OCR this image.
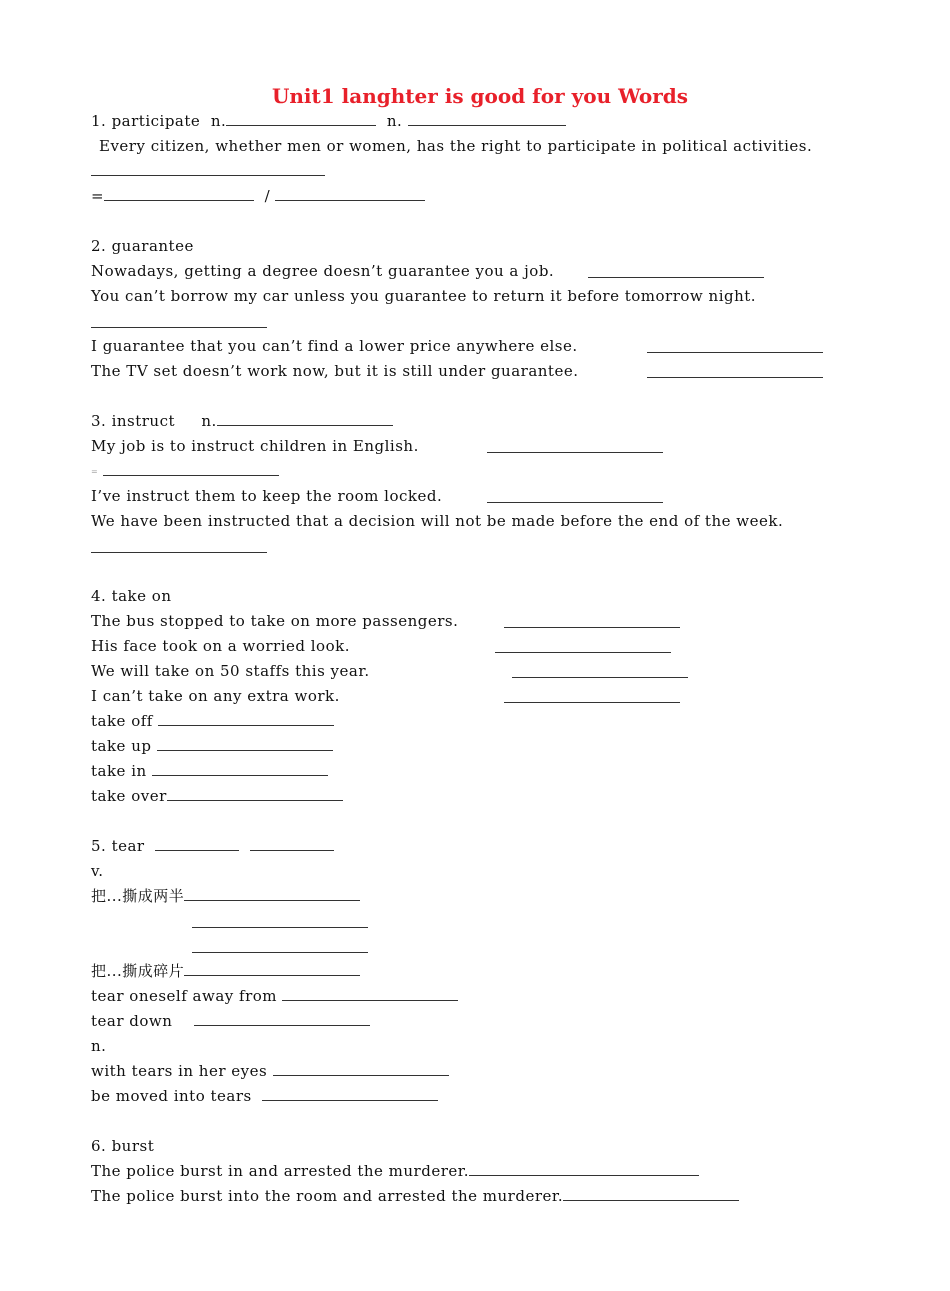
Unit1 langhter is good for you Words
1. participate n.	n.
Every citizen, whether men or women, has the right to participate in political activities.
=	/
2. guarantee
Nowadays, getting a degree doesn’t guarantee you a job.
You can’t borrow my car unless you guarantee to return it before tomorrow night.
I guarantee that you can’t find a lower price anywhere else.
The TV set doesn’t work now, but it is still under guarantee.
3. instruct n.
My job is to instruct children in English.
=
I’ve instruct them to keep the room locked.
We have been instructed that a decision will not be made before the end of the week.
4. take on
The bus stopped to take on more passengers.
His face took on a worried look.
We will take on 50 staffs this year.
I can’t take on any extra work.
take off
take up
take in
take over
5. tear
v.
把...撕成两半
把...撕成碎片
tear oneself away from
tear down
n.
with tears in her eyes
be moved into tears
6. burst
The police burst in and arrested the murderer.
The police burst into the room and arrested the murderer.
